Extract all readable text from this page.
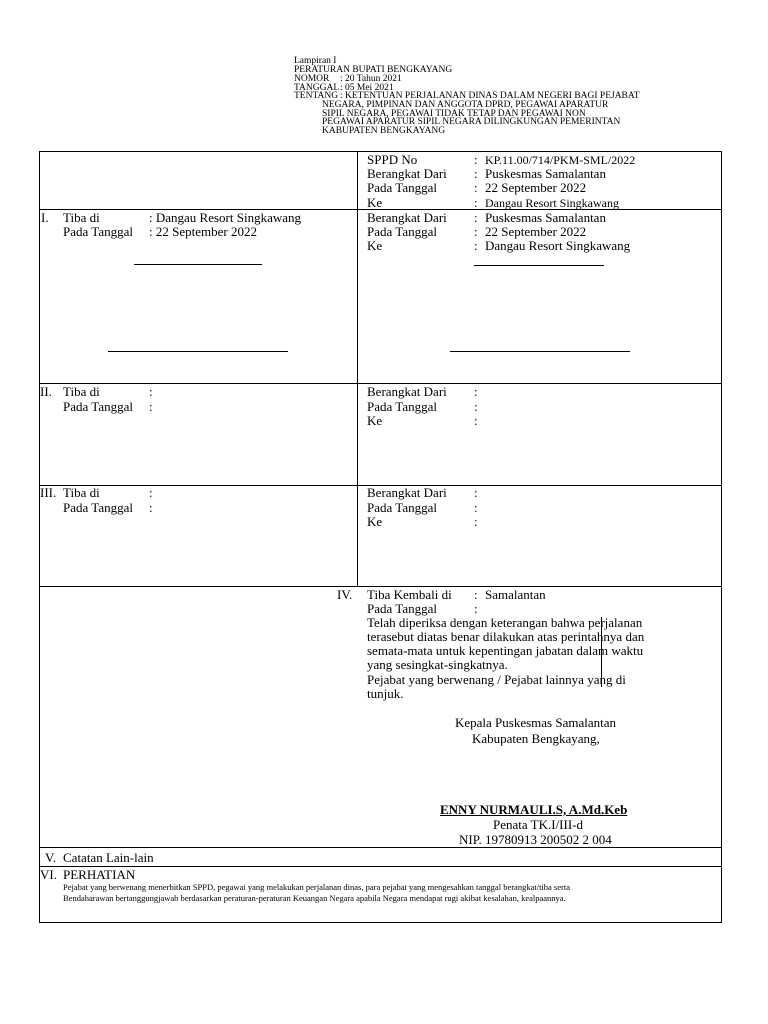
Lampiran I
PERATURAN BUPATI BENGKAYANG
NOMOR : 20 Tahun 2021
TANGGAL : 05 Mei 2021
TENTANG : KETENTUAN PERJALANAN DINAS DALAM NEGERI BAGI PEJABAT
NEGARA, PIMPINAN DAN ANGGOTA DPRD, PEGAWAI APARATUR
SIPIL NEGARA, PEGAWAI TIDAK TETAP DAN PEGAWAI NON
PEGAWAI APARATUR SIPIL NEGARA DILINGKUNGAN PEMERINTAN
KABUPATEN BENGKAYANG
SPPD No	: KP.11.00/714/PKM-SML/2022
Berangkat Dari : Puskesmas Samalantan
Pada Tanggal	: 22 September 2022
Ke	: Dangau Resort Singkawang
I. Tiba di	: Dangau Resort Singkawang
Pada Tanggal : 22 September 2022
Berangkat Dari : Puskesmas Samalantan
Pada Tanggal	: 22 September 2022
Ke	: Dangau Resort Singkawang
II. Tiba di	:
Pada Tanggal :
Berangkat Dari :
Pada Tanggal	:
Ke	:
III. Tiba di	:
Pada Tanggal :
Berangkat Dari :
Pada Tanggal	:
Ke	:
IV. Tiba Kembali di : Samalantan
Pada Tanggal	:
Telah diperiksa dengan keterangan bahwa perjalanan
terasebut diatas benar dilakukan atas perintahnya dan
semata-mata untuk kepentingan jabatan dalam waktu
yang sesingkat-singkatnya.
Pejabat yang berwenang / Pejabat lainnya yang di
tunjuk.
Kepala Puskesmas Samalantan
Kabupaten Bengkayang,
ENNY NURMAULI.S, A.Md.Keb
Penata TK.I/III-d
NIP. 19780913 200502 2 004
V. Catatan Lain-lain
VI. PERHATIAN
Pejabat yang berwenang menerbitkan SPPD, pegawai yang melakukan perjalanan dinas, para pejabat yang mengesahkan tanggal berangkat/tiba serta
Bendaharawan bertanggungjawab berdasarkan peraturan-peraturan Keuangan Negara apabila Negara mendapat rugi akibat kesalahan, kealpaannya.
